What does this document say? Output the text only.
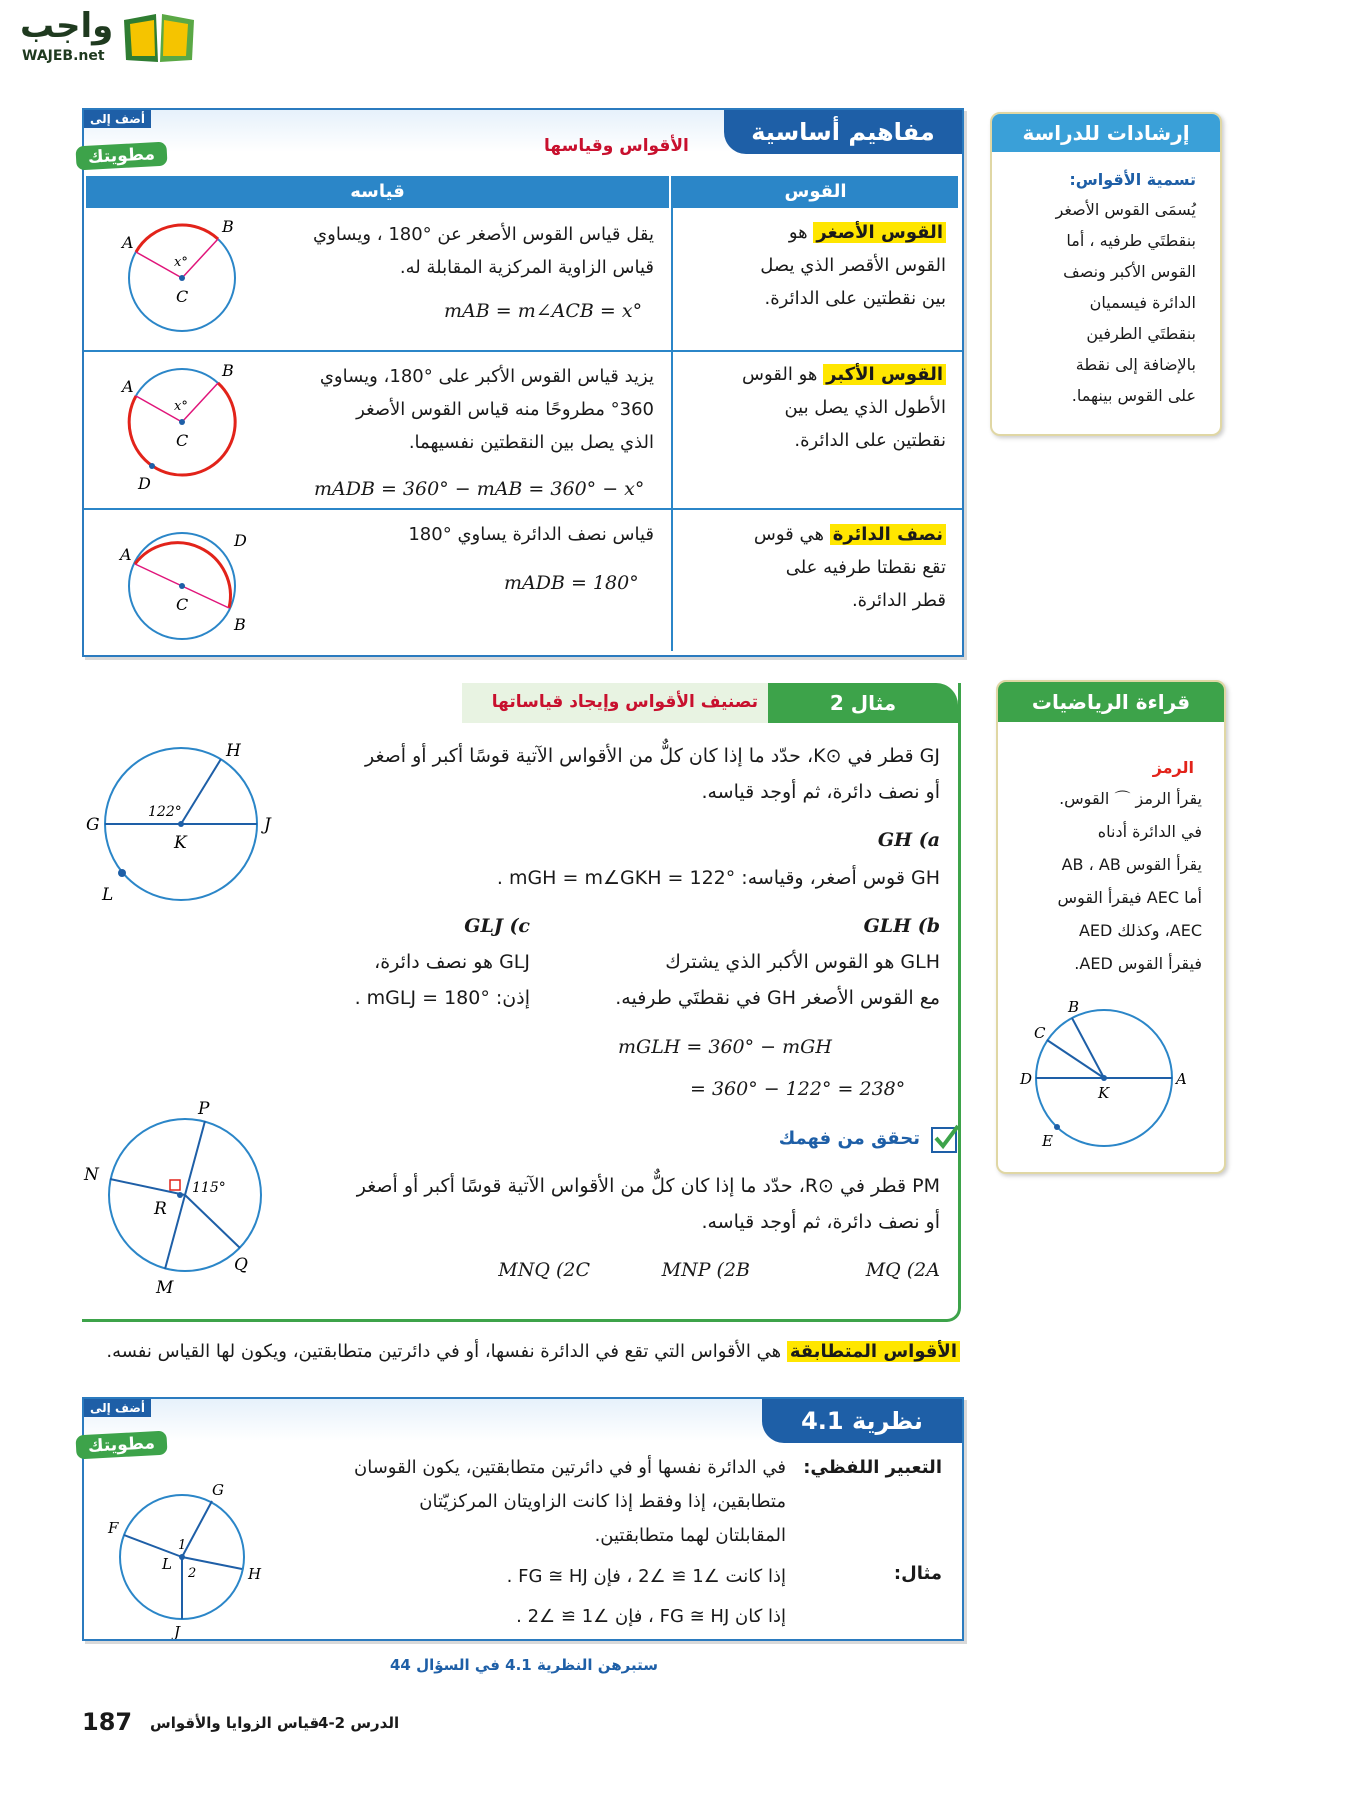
واجب
WAJEB.net
مفاهيم أساسية
الأقواس وقياسها
أضف إلى
مطويتك
قياسه	القوس
القوس الأصغر هو
القوس الأقصر الذي يصل
بين نقطتين على الدائرة.
يقل قياس القوس الأصغر عن °180 ، ويساوي
قياس الزاوية المركزية المقابلة له.
mAB = m∠ACB = x°
A
B
C
x°
القوس الأكبر هو القوس
الأطول الذي يصل بين
نقطتين على الدائرة.
يزيد قياس القوس الأكبر على °180، ويساوي
°360 مطروحًا منه قياس القوس الأصغر
الذي يصل بين النقطتين نفسيهما.
mADB = 360° − mAB = 360° − x°
A
B
C
D
x°
نصف الدائرة هي قوس
تقع نقطتا طرفيه على
قطر الدائرة.
قياس نصف الدائرة يساوي °180
mADB = 180°
A
D
C
B
إرشادات للدراسة
تسمية الأقواس:
يُسمَى القوس الأصغر
بنقطتَي طرفيه ، أما
القوس الأكبر ونصف
الدائرة فيسميان
بنقطتَي الطرفين
بالإضافة إلى نقطة
على القوس بينهما.
قراءة الرياضيات
الرمز
يقرأ الرمز ⌒ القوس.
في الدائرة أدناه
يقرأ القوس AB ، AB
أما AEC فيقرأ القوس
AEC، وكذلك AED
فيقرأ القوس AED.
A
B
C
D
E
K
مثال 2
تصنيف الأقواس وإيجاد قياساتها
GJ قطر في ⊙K، حدّد ما إذا كان كلٌّ من الأقواس الآتية قوسًا أكبر أو أصغر
أو نصف دائرة، ثم أوجد قياسه.
GH (a
GH قوس أصغر، وقياسه: mGH = m∠GKH = 122° .
GLH (b
GLH هو القوس الأكبر الذي يشترك
مع القوس الأصغر GH في نقطتَي طرفيه.
mGLH = 360° − mGH
= 360° − 122° = 238°
GLJ (c
GLJ هو نصف دائرة،
إذن: mGLJ = 180° .
G
H
J
K
L
122°
تحقق من فهمك
PM قطر في ⊙R، حدّد ما إذا كان كلٌّ من الأقواس الآتية قوسًا أكبر أو أصغر
أو نصف دائرة، ثم أوجد قياسه.
MQ (2A
MNP (2B
MNQ (2C
P
N
M
Q
R
115°
الأقواس المتطابقة هي الأقواس التي تقع في الدائرة نفسها، أو في دائرتين متطابقتين، ويكون لها القياس نفسه.
نظرية 4.1
أضف إلى
مطويتك
التعبير اللفظي:
في الدائرة نفسها أو في دائرتين متطابقتين، يكون القوسان
متطابقين، إذا وفقط إذا كانت الزاويتان المركزيّتان
المقابلتان لهما متطابقتين.
مثال:
إذا كانت ∠1 ≅ ∠2 ، فإن FG ≅ HJ .
إذا كان FG ≅ HJ ، فإن ∠1 ≅ ∠2 .
F
G
H
J
L
1
2
ستبرهن النظرية 4.1 في السؤال 44
187 قياس الزوايا والأقواس
الدرس 2-4
